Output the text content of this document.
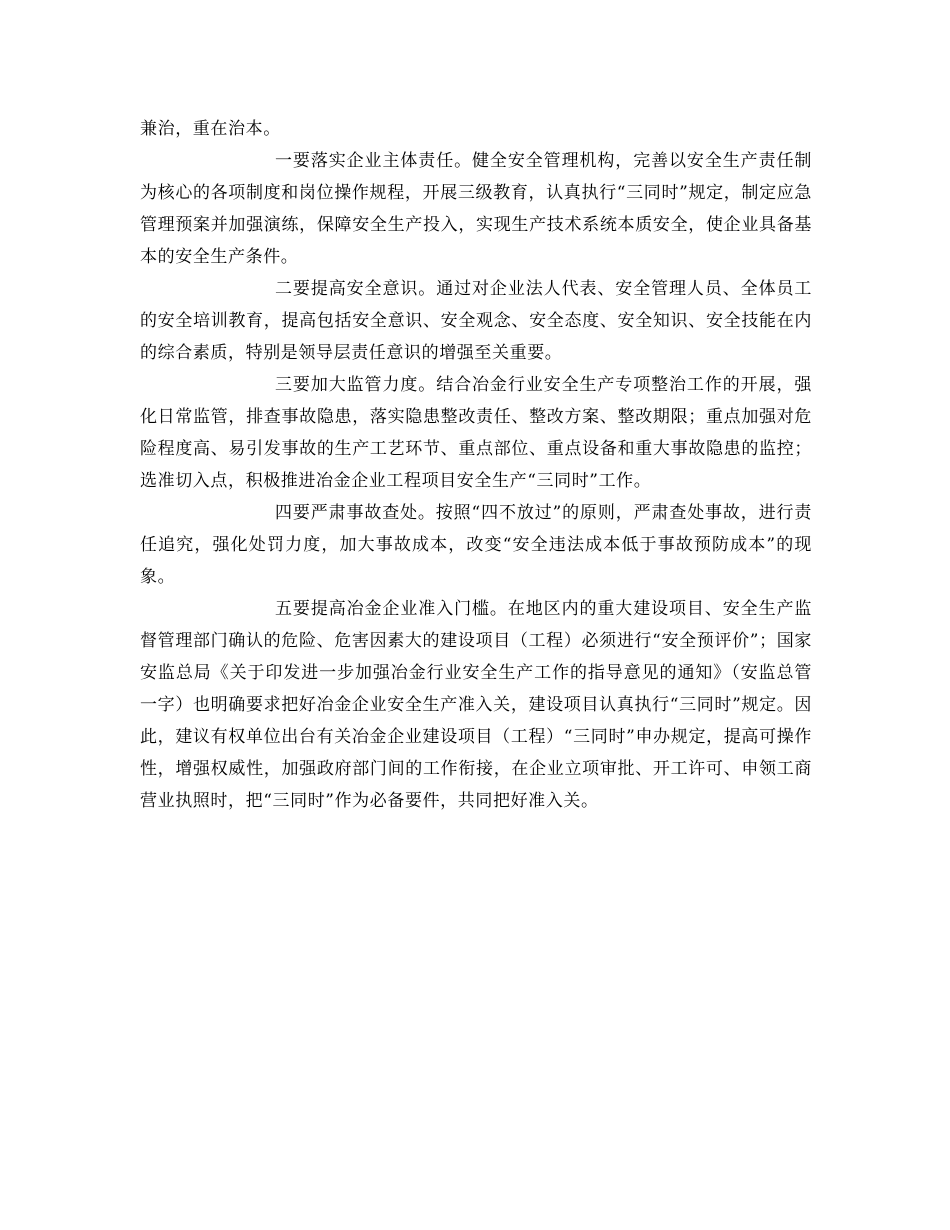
兼治，重在治本。

一要落实企业主体责任。健全安全管理机构，完善以安全生产责任制为核心的各项制度和岗位操作规程，开展三级教育，认真执行“三同时”规定，制定应急管理预案并加强演练，保障安全生产投入，实现生产技术系统本质安全，使企业具备基本的安全生产条件。

二要提高安全意识。通过对企业法人代表、安全管理人员、全体员工的安全培训教育，提高包括安全意识、安全观念、安全态度、安全知识、安全技能在内的综合素质，特别是领导层责任意识的增强至关重要。

三要加大监管力度。结合冶金行业安全生产专项整治工作的开展，强化日常监管，排查事故隐患，落实隐患整改责任、整改方案、整改期限；重点加强对危险程度高、易引发事故的生产工艺环节、重点部位、重点设备和重大事故隐患的监控；选准切入点，积极推进冶金企业工程项目安全生产“三同时”工作。

四要严肃事故查处。按照“四不放过”的原则，严肃查处事故，进行责任追究，强化处罚力度，加大事故成本，改变“安全违法成本低于事故预防成本”的现象。

五要提高冶金企业准入门槛。在地区内的重大建设项目、安全生产监督管理部门确认的危险、危害因素大的建设项目（工程）必须进行“安全预评价”；国家安监总局《关于印发进一步加强冶金行业安全生产工作的指导意见的通知》（安监总管一字）也明确要求把好冶金企业安全生产准入关，建设项目认真执行“三同时”规定。因此，建议有权单位出台有关冶金企业建设项目（工程）“三同时”申办规定，提高可操作性，增强权威性，加强政府部门间的工作衔接，在企业立项审批、开工许可、申领工商营业执照时，把“三同时”作为必备要件，共同把好准入关。
